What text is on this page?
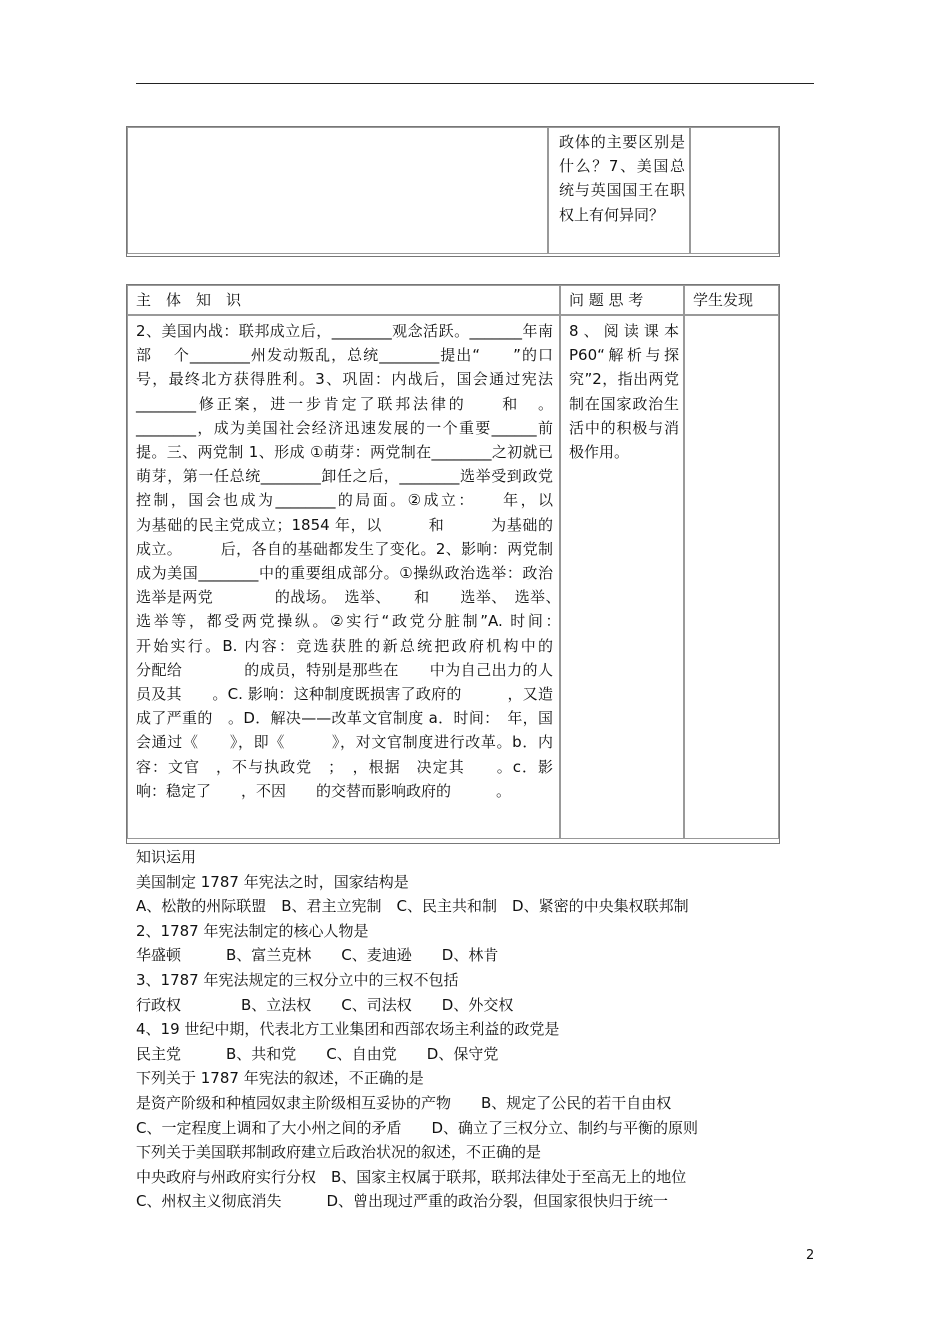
政体的主要区别是什么？7、美国总统与英国国王在职权上有何异同？

主　体　知　识	问 题 思 考	学生发现

2、美国内战：联邦成立后，________观念活跃。_______年南部　 个________州发动叛乱，总统________提出“　　”的口号，最终北方获得胜利。3、巩固：内战后，国会通过宪法________修正案，进一步肯定了联邦法律的　　和　。________，成为美国社会经济迅速发展的一个重要______前提。三、两党制 1、形成 ①萌芽：两党制在________之初就已萌芽，第一任总统________卸任之后，________选举受到政党控制，国会也成为________的局面。②成立：　　年，以　　　为基础的民主党成立；1854 年，以　　　和　　　为基础的　　　成立。　　　后，各自的基础都发生了变化。2、影响：两党制成为美国________中的重要组成部分。①操纵政治选举：政治选举是两党　　　　的战场。　选举、　　和　　选举、　选举、　选举等，都受两党操纵。②实行“政党分脏制”A. 时间：　　　　开始实行。B. 内容：竞选获胜的新总统把政府机构中的　　　分配给　　　　的成员，特别是那些在　　中为自己出力的人员及其　　。C. 影响：这种制度既损害了政府的　　　，又造成了严重的　。D．解决——改革文官制度 a．时间：　年，国会通过《　　》，即《　　　》，对文官制度进行改革。b．内容：文官　，不与执政党　；　，根据　决定其　　。c．影响：稳定了　　，不因　　的交替而影响政府的　　　。	8、阅读课本P60“解析与探究”2，指出两党制在国家政治生活中的积极与消极作用。	

知识运用
美国制定 1787 年宪法之时，国家结构是
A、松散的州际联盟　B、君主立宪制　C、民主共和制　D、紧密的中央集权联邦制
2、1787 年宪法制定的核心人物是
华盛顿　　　B、富兰克林　　C、麦迪逊　　D、林肯
3、1787 年宪法规定的三权分立中的三权不包括
行政权　　　　B、立法权　　C、司法权　　D、外交权
4、19 世纪中期，代表北方工业集团和西部农场主利益的政党是
民主党　　　B、共和党　　C、自由党　　D、保守党
下列关于 1787 年宪法的叙述，不正确的是
是资产阶级和种植园奴隶主阶级相互妥协的产物　　B、规定了公民的若干自由权
C、一定程度上调和了大小州之间的矛盾　　D、确立了三权分立、制约与平衡的原则
下列关于美国联邦制政府建立后政治状况的叙述，不正确的是
中央政府与州政府实行分权　B、国家主权属于联邦，联邦法律处于至高无上的地位
C、州权主义彻底消失　　　D、曾出现过严重的政治分裂，但国家很快归于统一
2
